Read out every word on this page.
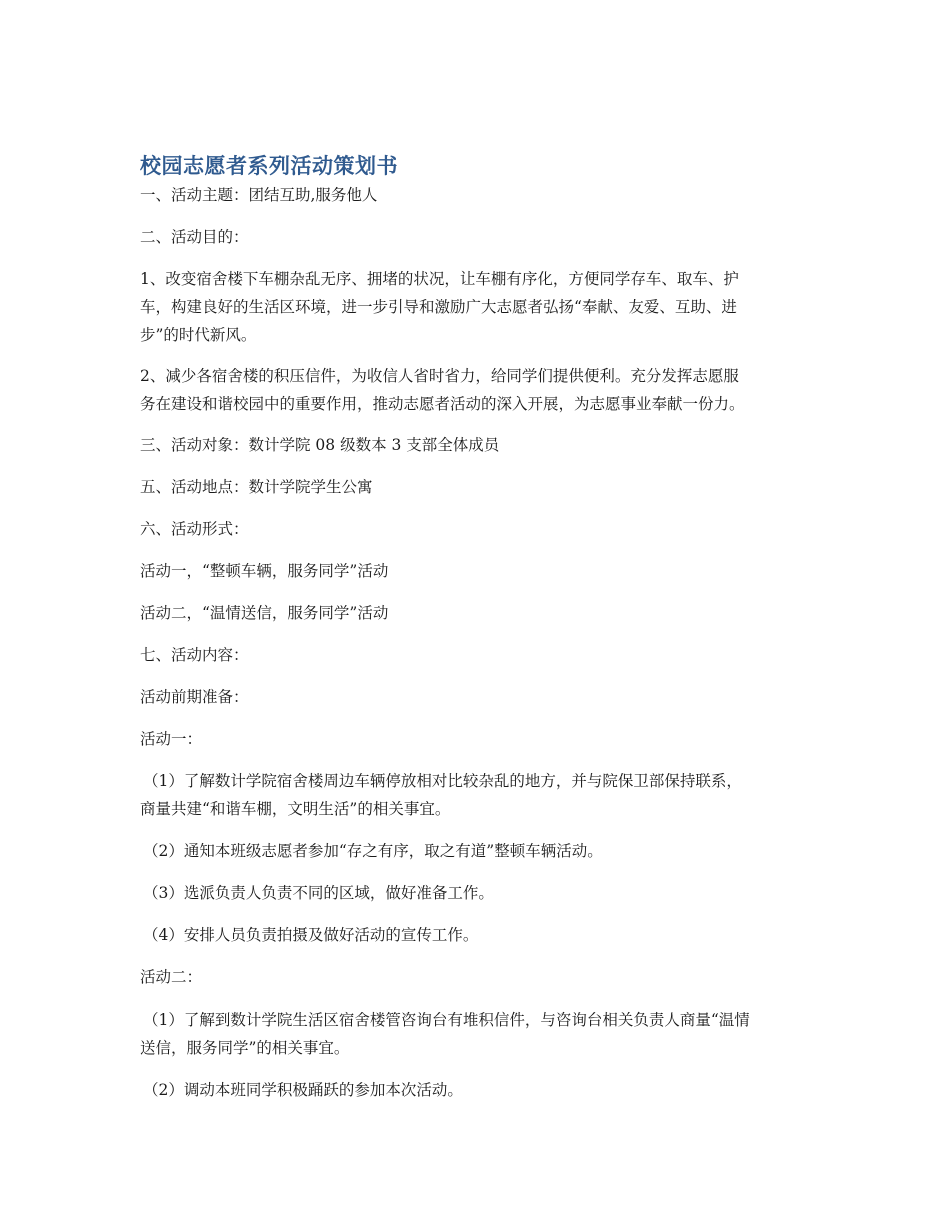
校园志愿者系列活动策划书
一、活动主题：团结互助,服务他人
二、活动目的：
1、改变宿舍楼下车棚杂乱无序、拥堵的状况，让车棚有序化，方便同学存车、取车、护
车，构建良好的生活区环境，进一步引导和激励广大志愿者弘扬“奉献、友爱、互助、进
步”的时代新风。
2、减少各宿舍楼的积压信件，为收信人省时省力，给同学们提供便利。充分发挥志愿服
务在建设和谐校园中的重要作用，推动志愿者活动的深入开展，为志愿事业奉献一份力。
三、活动对象：数计学院 08 级数本 3 支部全体成员
五、活动地点：数计学院学生公寓
六、活动形式：
活动一，“整顿车辆，服务同学”活动
活动二，“温情送信，服务同学”活动
七、活动内容：
活动前期准备：
活动一：
（1）了解数计学院宿舍楼周边车辆停放相对比较杂乱的地方，并与院保卫部保持联系，
商量共建“和谐车棚，文明生活”的相关事宜。
（2）通知本班级志愿者参加“存之有序，取之有道”整顿车辆活动。
（3）选派负责人负责不同的区域，做好准备工作。
（4）安排人员负责拍摄及做好活动的宣传工作。
活动二：
（1）了解到数计学院生活区宿舍楼管咨询台有堆积信件，与咨询台相关负责人商量“温情
送信，服务同学”的相关事宜。
（2）调动本班同学积极踊跃的参加本次活动。
